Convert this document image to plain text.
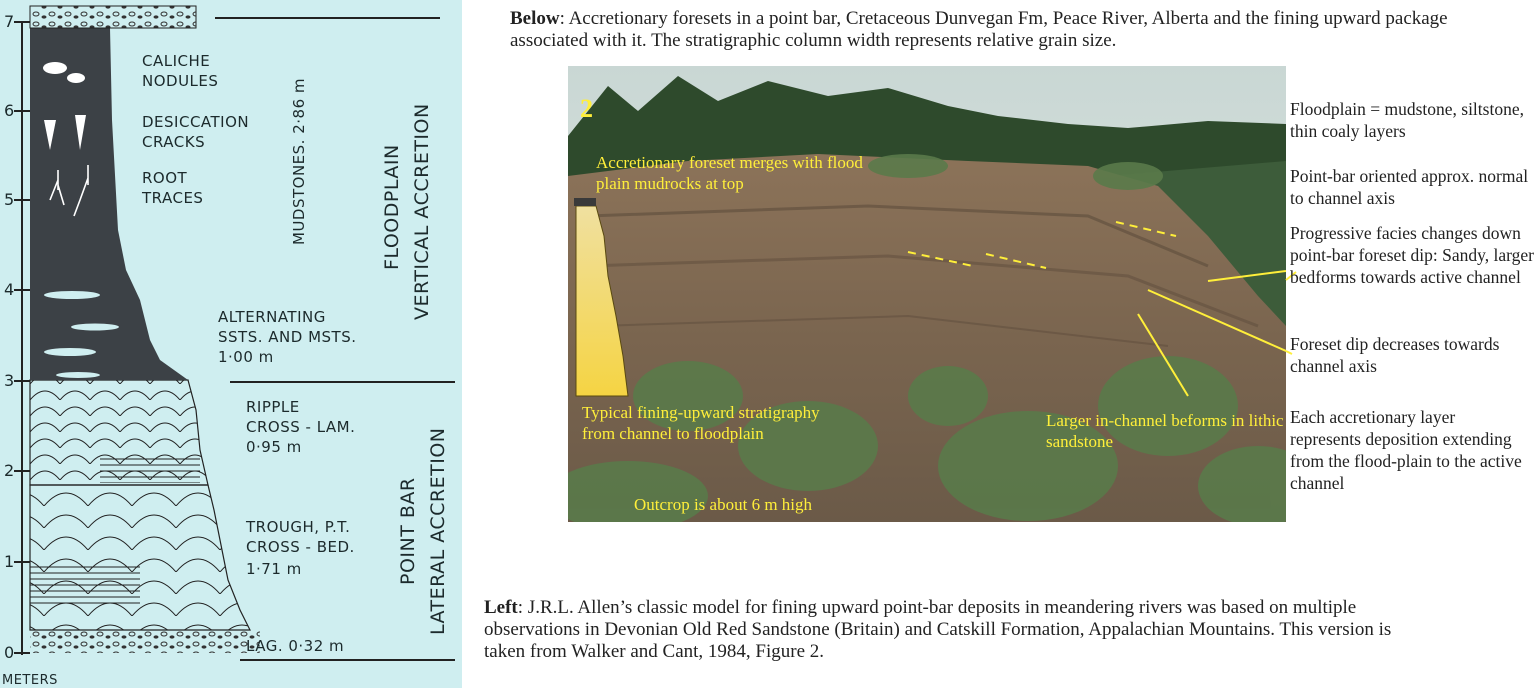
0
1
2
3
4
5
6
7
METERS
CALICHE
NODULES
DESICCATION
CRACKS
ROOT
TRACES	MUDSTONES. 2·86 m
ALTERNATING
SSTS. AND MSTS.
1·00 m
RIPPLE
CROSS - LAM.
0·95 m
TROUGH, P.T.
CROSS - BED.
1·71 m
LAG. 0·32 m
FLOODPLAIN VERTICAL ACCRETION
POINT BAR LATERAL ACCRETION
Below: Accretionary foresets in a point bar, Cretaceous Dunvegan Fm, Peace River, Alberta and the fining upward package associated with it. The stratigraphic column width represents relative grain size.
2
Accretionary foreset merges with flood plain mudrocks at top
Typical fining-upward stratigraphy from channel to floodplain
Outcrop is about 6 m high
Larger in-channel beforms in lithic sandstone
Floodplain = mudstone, siltstone, thin coaly layers
Point-bar oriented approx. normal to channel axis
Progressive facies changes down point-bar foreset dip: Sandy, larger bedforms towards active channel
Foreset dip decreases towards channel axis
Each accretionary layer represents deposition extending from the flood-plain to the active channel
Left: J.R.L. Allen’s classic model for fining upward point-bar deposits in meandering rivers was based on multiple observations in Devonian Old Red Sandstone (Britain) and Catskill Formation, Appalachian Mountains. This version is taken from Walker and Cant, 1984, Figure 2.
